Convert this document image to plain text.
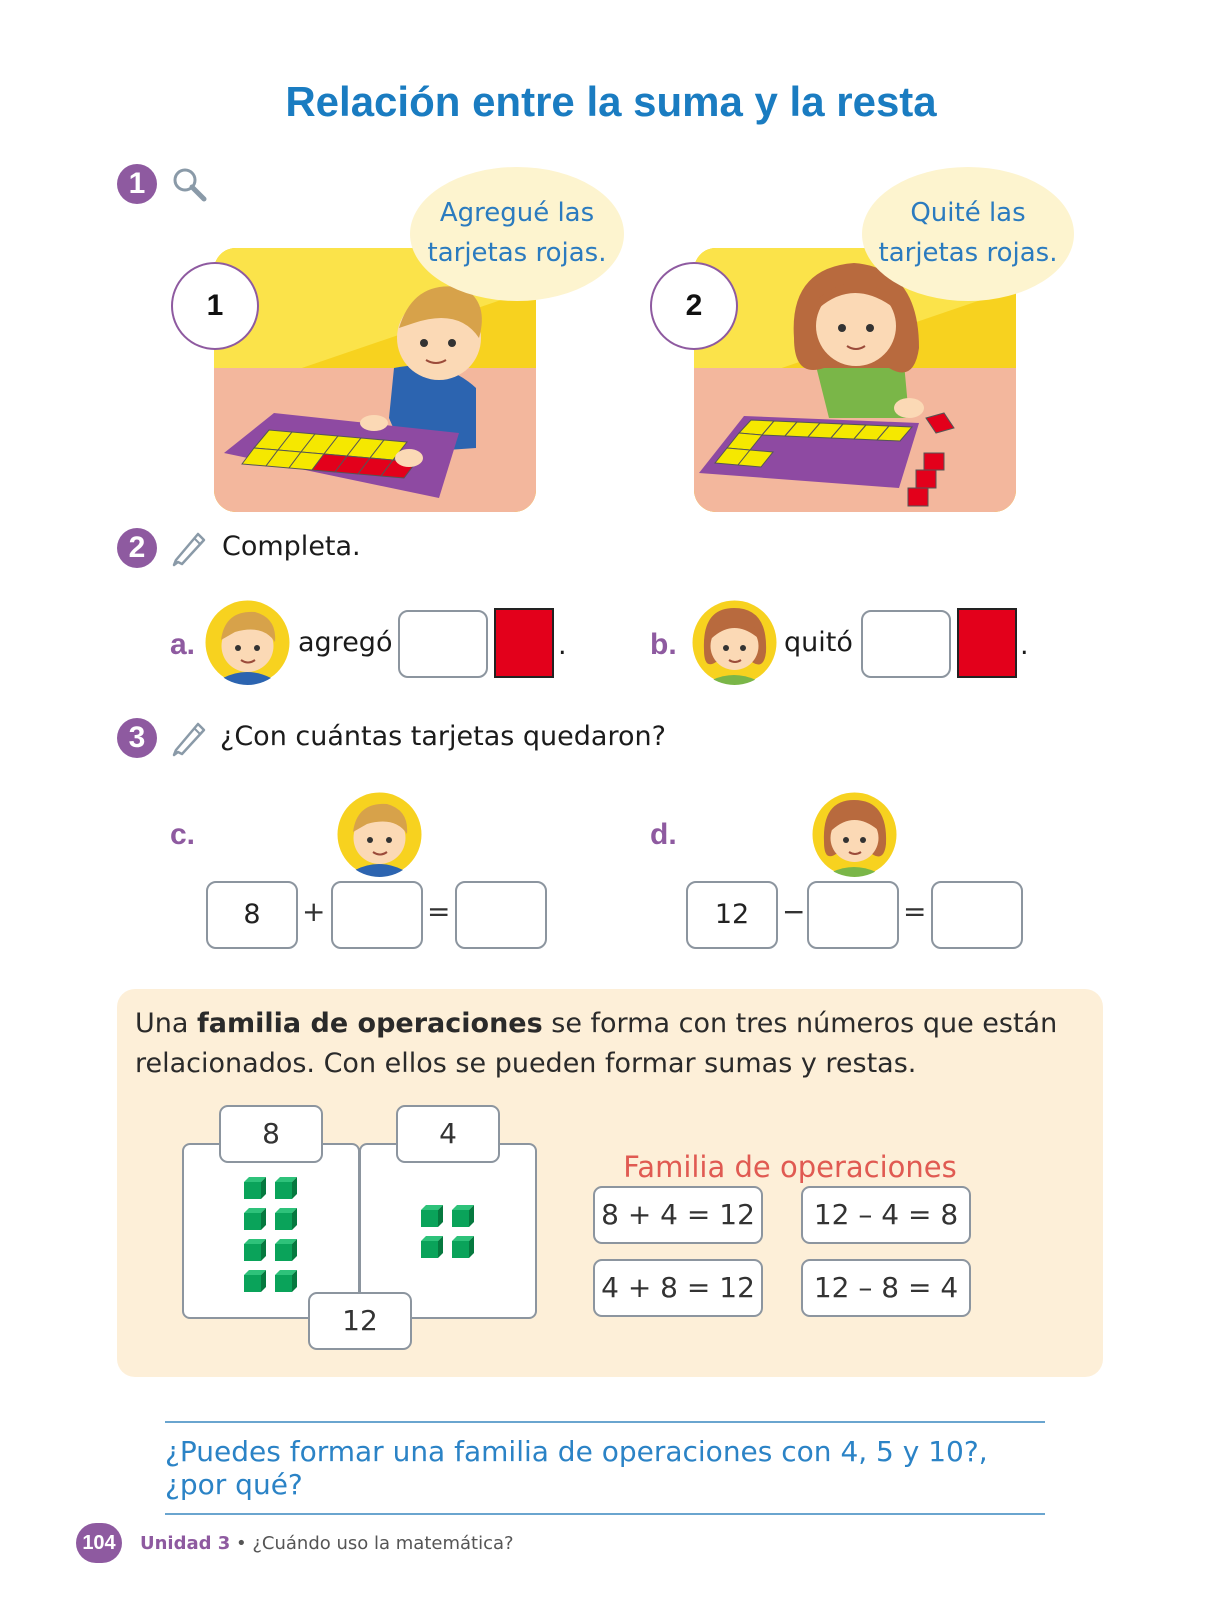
Relación entre la suma y la resta
1
1
Agregué las
tarjetas rojas.
2
Quité las
tarjetas rojas.
2	Completa.
a.	agregó	.	b.	quitó	.
3	¿Con cuántas tarjetas quedaron?
c.
8	+	=
d.
12	−	=
Una familia de operaciones se forma con tres números que están relacionados. Con ellos se pueden formar sumas y restas.
8	4
12
Familia de operaciones
8 + 4 = 12	12 – 4 = 8
4 + 8 = 12	12 – 8 = 4
¿Puedes formar una familia de operaciones con 4, 5 y 10?, ¿por qué?
104	Unidad 3 • ¿Cuándo uso la matemática?
